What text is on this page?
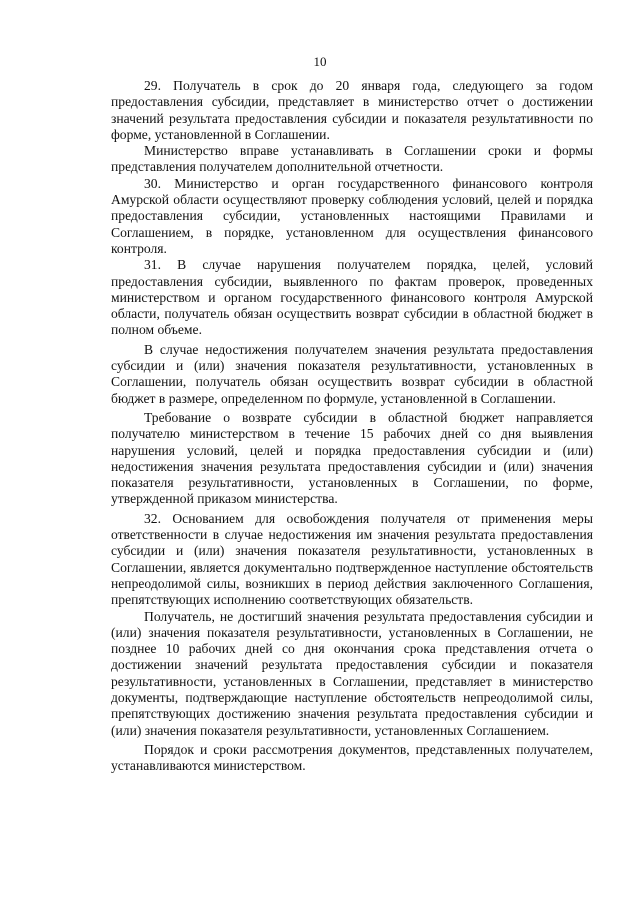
10

29. Получатель в срок до 20 января года, следующего за годом предоставления субсидии, представляет в министерство отчет о достижении значений результата предоставления субсидии и показателя результативности по форме, установленной в Соглашении.

Министерство вправе устанавливать в Соглашении сроки и формы представления получателем дополнительной отчетности.

30. Министерство и орган государственного финансового контроля Амурской области осуществляют проверку соблюдения условий, целей и порядка предоставления субсидии, установленных настоящими Правилами и Соглашением, в порядке, установленном для осуществления финансового контроля.

31. В случае нарушения получателем порядка, целей, условий предоставления субсидии, выявленного по фактам проверок, проведенных министерством и органом государственного финансового контроля Амурской области, получатель обязан осуществить возврат субсидии в областной бюджет в полном объеме.

В случае недостижения получателем значения результата предоставления субсидии и (или) значения показателя результативности, установленных в Соглашении, получатель обязан осуществить возврат субсидии в областной бюджет в размере, определенном по формуле, установленной в Соглашении.

Требование о возврате субсидии в областной бюджет направляется получателю министерством в течение 15 рабочих дней со дня выявления нарушения условий, целей и порядка предоставления субсидии и (или) недостижения значения результата предоставления субсидии и (или) значения показателя результативности, установленных в Соглашении, по форме, утвержденной приказом министерства.

32. Основанием для освобождения получателя от применения меры ответственности в случае недостижения им значения результата предоставления субсидии и (или) значения показателя результативности, установленных в Соглашении, является документально подтвержденное наступление обстоятельств непреодолимой силы, возникших в период действия заключенного Соглашения, препятствующих исполнению соответствующих обязательств.

Получатель, не достигший значения результата предоставления субсидии и (или) значения показателя результативности, установленных в Соглашении, не позднее 10 рабочих дней со дня окончания срока представления отчета о достижении значений результата предоставления субсидии и показателя результативности, установленных в Соглашении, представляет в министерство документы, подтверждающие наступление обстоятельств непреодолимой силы, препятствующих достижению значения результата предоставления субсидии и (или) значения показателя результативности, установленных Соглашением.

Порядок и сроки рассмотрения документов, представленных получателем, устанавливаются министерством.
